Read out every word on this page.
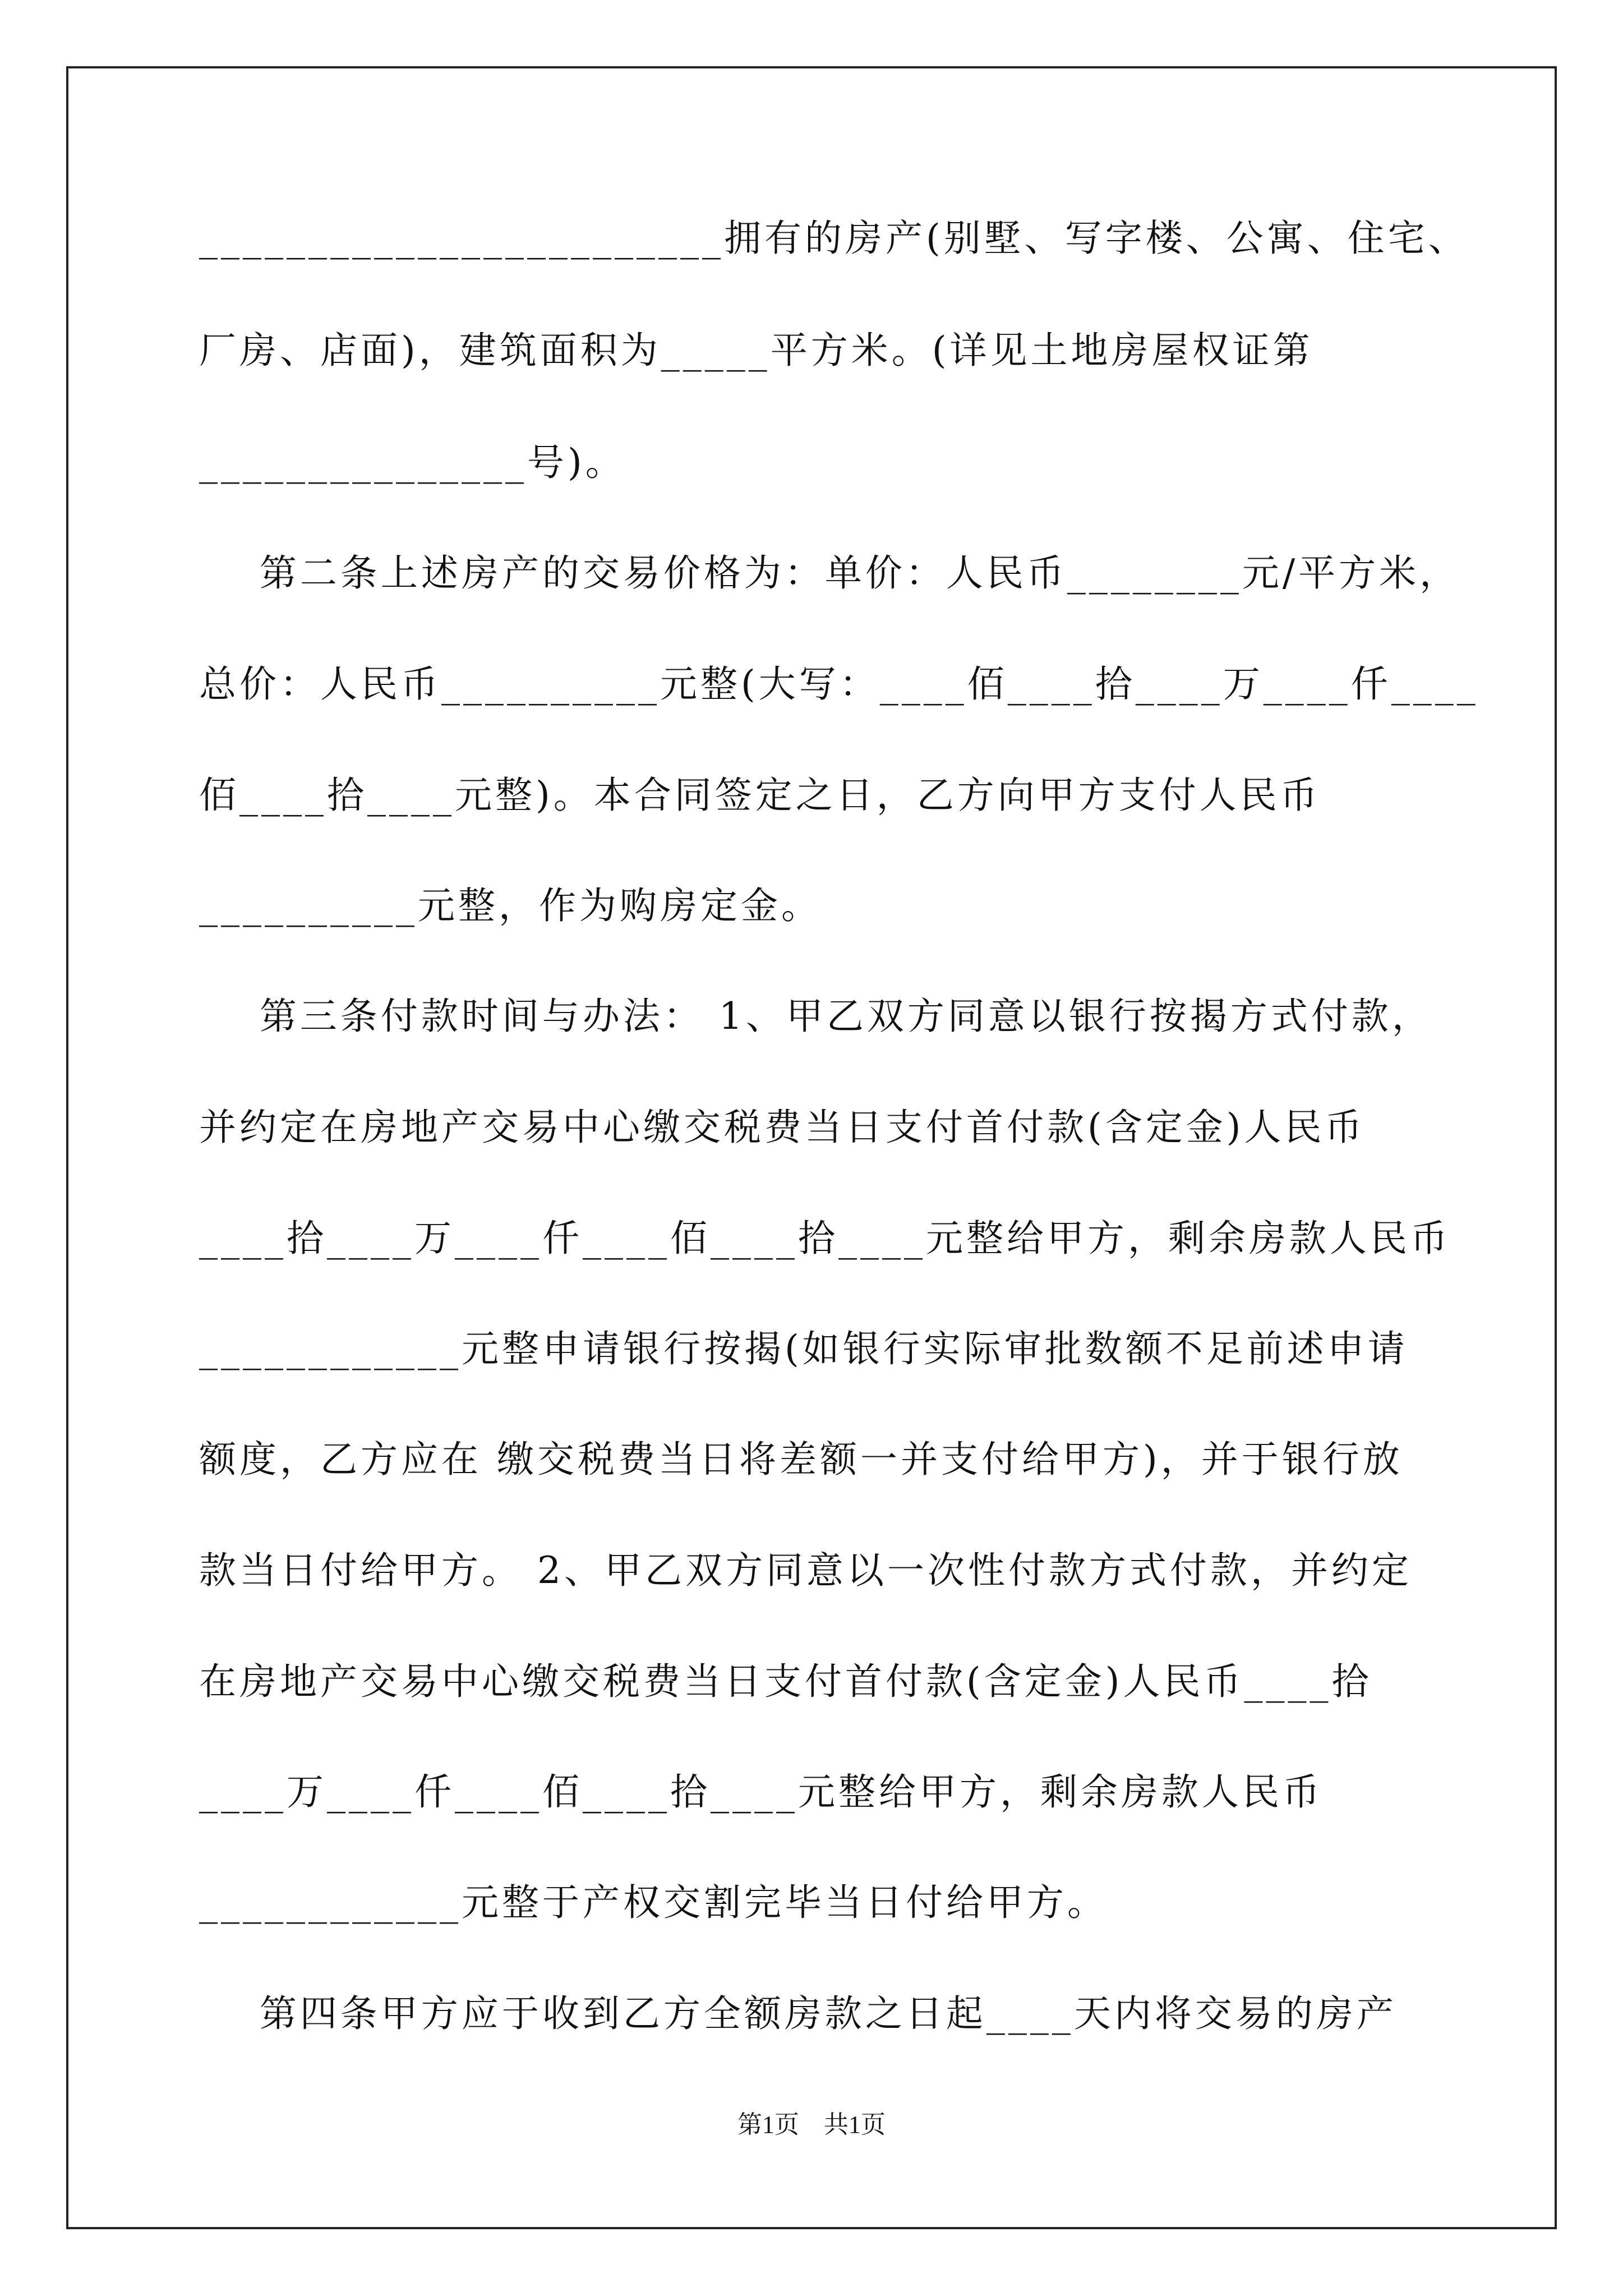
________________________拥有的房产(别墅、写字楼、公寓、住宅、
厂房、店面)，建筑面积为_____平方米。(详见土地房屋权证第
_______________号)。
第二条上述房产的交易价格为：单价：人民币________元/平方米，
总价：人民币__________元整(大写：____佰____拾____万____仟____
佰____拾____元整)。本合同签定之日，乙方向甲方支付人民币
__________元整，作为购房定金。
第三条付款时间与办法： 1、甲乙双方同意以银行按揭方式付款，
并约定在房地产交易中心缴交税费当日支付首付款(含定金)人民币
____拾____万____仟____佰____拾____元整给甲方，剩余房款人民币
____________元整申请银行按揭(如银行实际审批数额不足前述申请
额度，乙方应在 缴交税费当日将差额一并支付给甲方)，并于银行放
款当日付给甲方。 2、甲乙双方同意以一次性付款方式付款，并约定
在房地产交易中心缴交税费当日支付首付款(含定金)人民币____拾
____万____仟____佰____拾____元整给甲方，剩余房款人民币
____________元整于产权交割完毕当日付给甲方。
第四条甲方应于收到乙方全额房款之日起____天内将交易的房产
第1页    共1页
